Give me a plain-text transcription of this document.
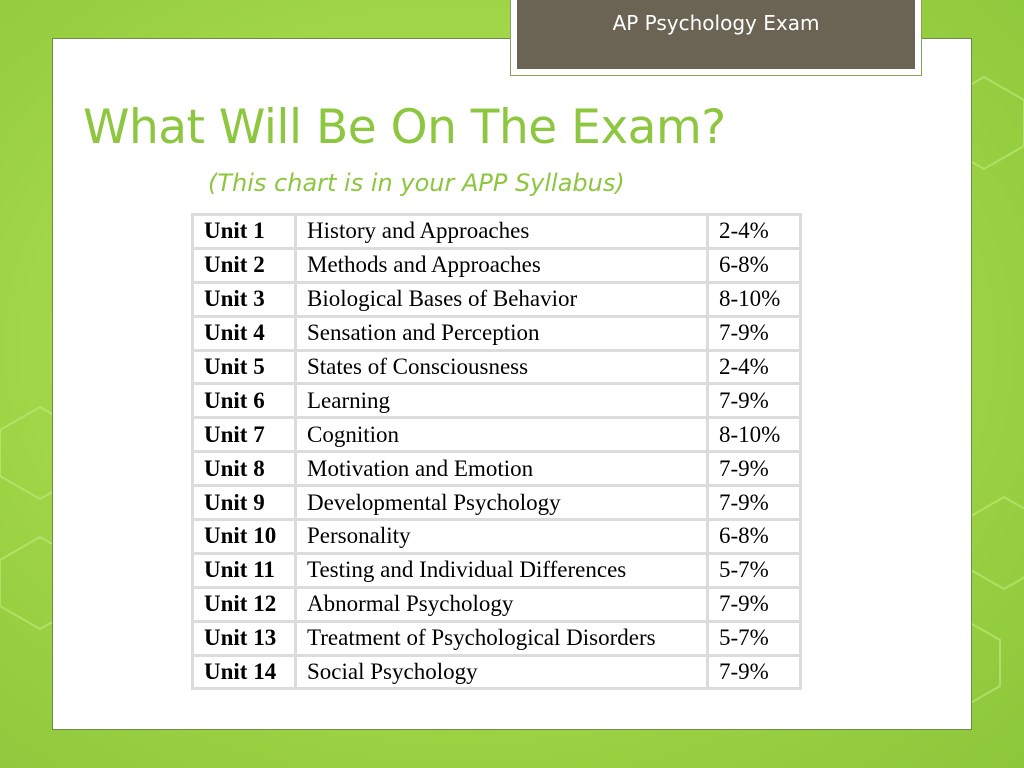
AP Psychology Exam
What Will Be On The Exam?

(This chart is in your APP Syllabus)

Unit 1	History and Approaches	2-4%
Unit 2	Methods and Approaches	6-8%
Unit 3	Biological Bases of Behavior	8-10%
Unit 4	Sensation and Perception	7-9%
Unit 5	States of Consciousness	2-4%
Unit 6	Learning	7-9%
Unit 7	Cognition	8-10%
Unit 8	Motivation and Emotion	7-9%
Unit 9	Developmental Psychology	7-9%
Unit 10	Personality	6-8%
Unit 11	Testing and Individual Differences	5-7%
Unit 12	Abnormal Psychology	7-9%
Unit 13	Treatment of Psychological Disorders	5-7%
Unit 14	Social Psychology	7-9%
